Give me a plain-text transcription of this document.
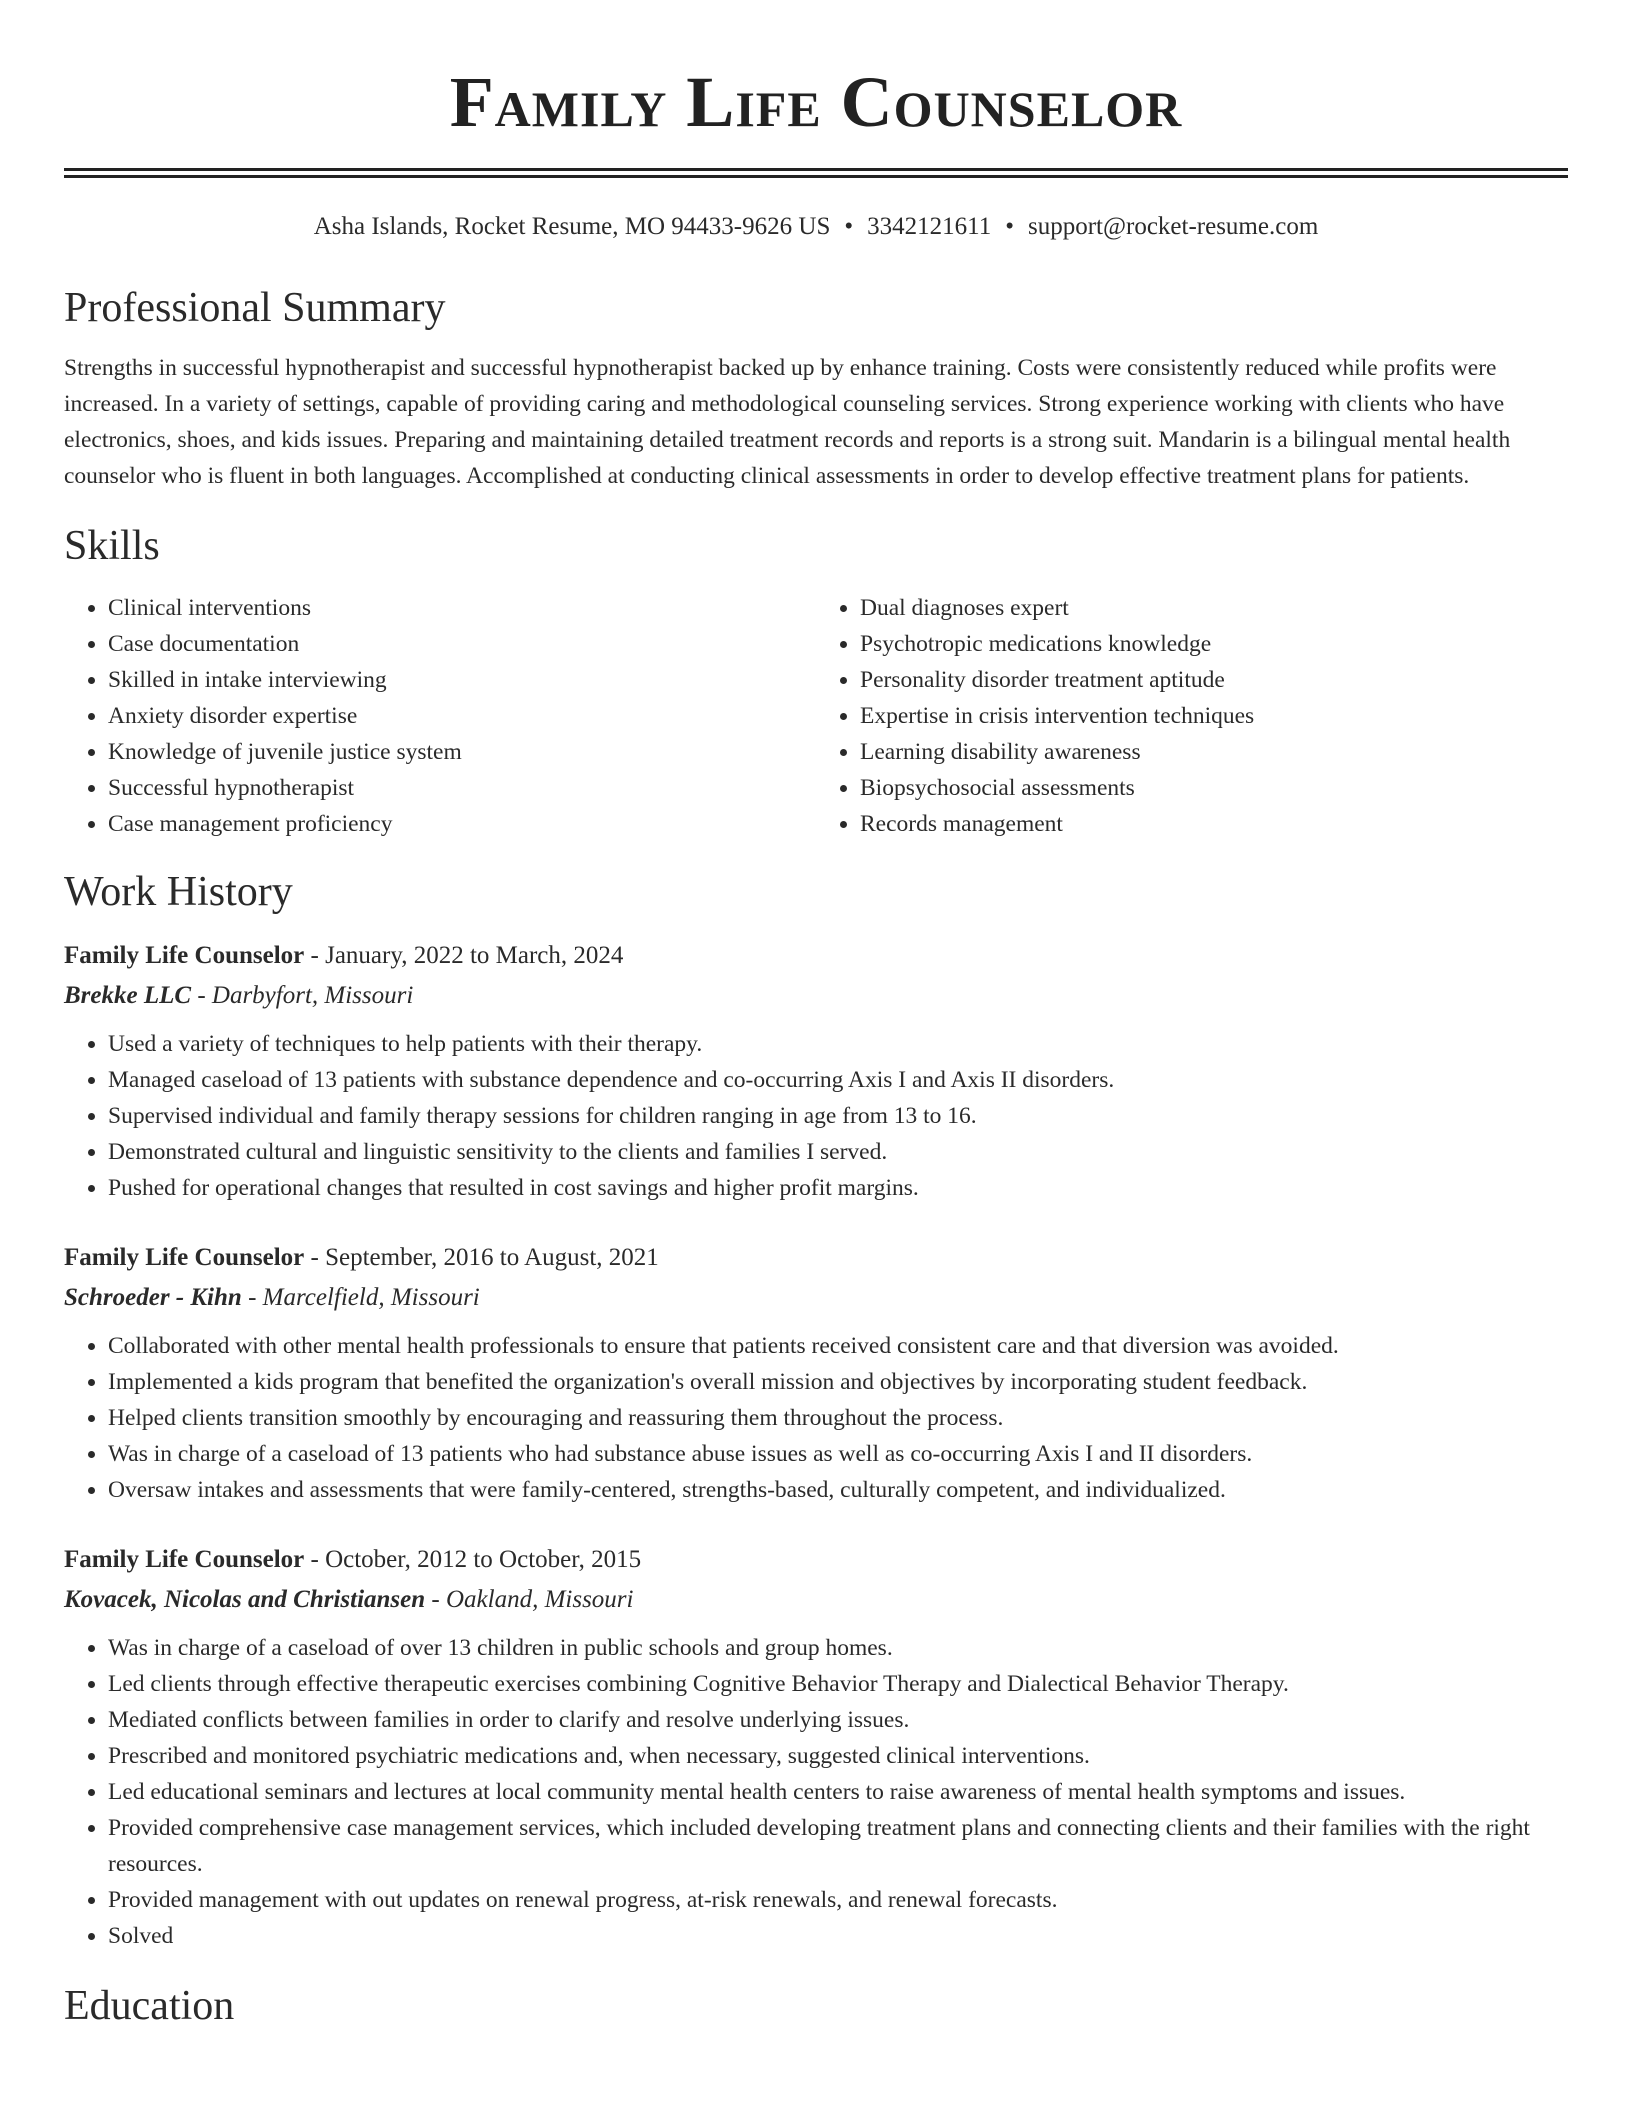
Family Life Counselor
Asha Islands, Rocket Resume, MO 94433-9626 US • 3342121611 • support@rocket-resume.com
Professional Summary

Strengths in successful hypnotherapist and successful hypnotherapist backed up by enhance training. Costs were consistently reduced while profits were increased. In a variety of settings, capable of providing caring and methodological counseling services. Strong experience working with clients who have electronics, shoes, and kids issues. Preparing and maintaining detailed treatment records and reports is a strong suit. Mandarin is a bilingual mental health counselor who is fluent in both languages. Accomplished at conducting clinical assessments in order to develop effective treatment plans for patients.

Skills
• Clinical interventions
• Case documentation
• Skilled in intake interviewing
• Anxiety disorder expertise
• Knowledge of juvenile justice system
• Successful hypnotherapist
• Case management proficiency
• Dual diagnoses expert
• Psychotropic medications knowledge
• Personality disorder treatment aptitude
• Expertise in crisis intervention techniques
• Learning disability awareness
• Biopsychosocial assessments
• Records management
Work History
Family Life Counselor - January, 2022 to March, 2024
Brekke LLC - Darbyfort, Missouri
• Used a variety of techniques to help patients with their therapy.
• Managed caseload of 13 patients with substance dependence and co-occurring Axis I and Axis II disorders.
• Supervised individual and family therapy sessions for children ranging in age from 13 to 16.
• Demonstrated cultural and linguistic sensitivity to the clients and families I served.
• Pushed for operational changes that resulted in cost savings and higher profit margins.
Family Life Counselor - September, 2016 to August, 2021
Schroeder - Kihn - Marcelfield, Missouri
• Collaborated with other mental health professionals to ensure that patients received consistent care and that diversion was avoided.
• Implemented a kids program that benefited the organization's overall mission and objectives by incorporating student feedback.
• Helped clients transition smoothly by encouraging and reassuring them throughout the process.
• Was in charge of a caseload of 13 patients who had substance abuse issues as well as co-occurring Axis I and II disorders.
• Oversaw intakes and assessments that were family-centered, strengths-based, culturally competent, and individualized.
Family Life Counselor - October, 2012 to October, 2015
Kovacek, Nicolas and Christiansen - Oakland, Missouri
• Was in charge of a caseload of over 13 children in public schools and group homes.
• Led clients through effective therapeutic exercises combining Cognitive Behavior Therapy and Dialectical Behavior Therapy.
• Mediated conflicts between families in order to clarify and resolve underlying issues.
• Prescribed and monitored psychiatric medications and, when necessary, suggested clinical interventions.
• Led educational seminars and lectures at local community mental health centers to raise awareness of mental health symptoms and issues.
• Provided comprehensive case management services, which included developing treatment plans and connecting clients and their families with the right resources.
• Provided management with out updates on renewal progress, at-risk renewals, and renewal forecasts.
• Solved
Education
